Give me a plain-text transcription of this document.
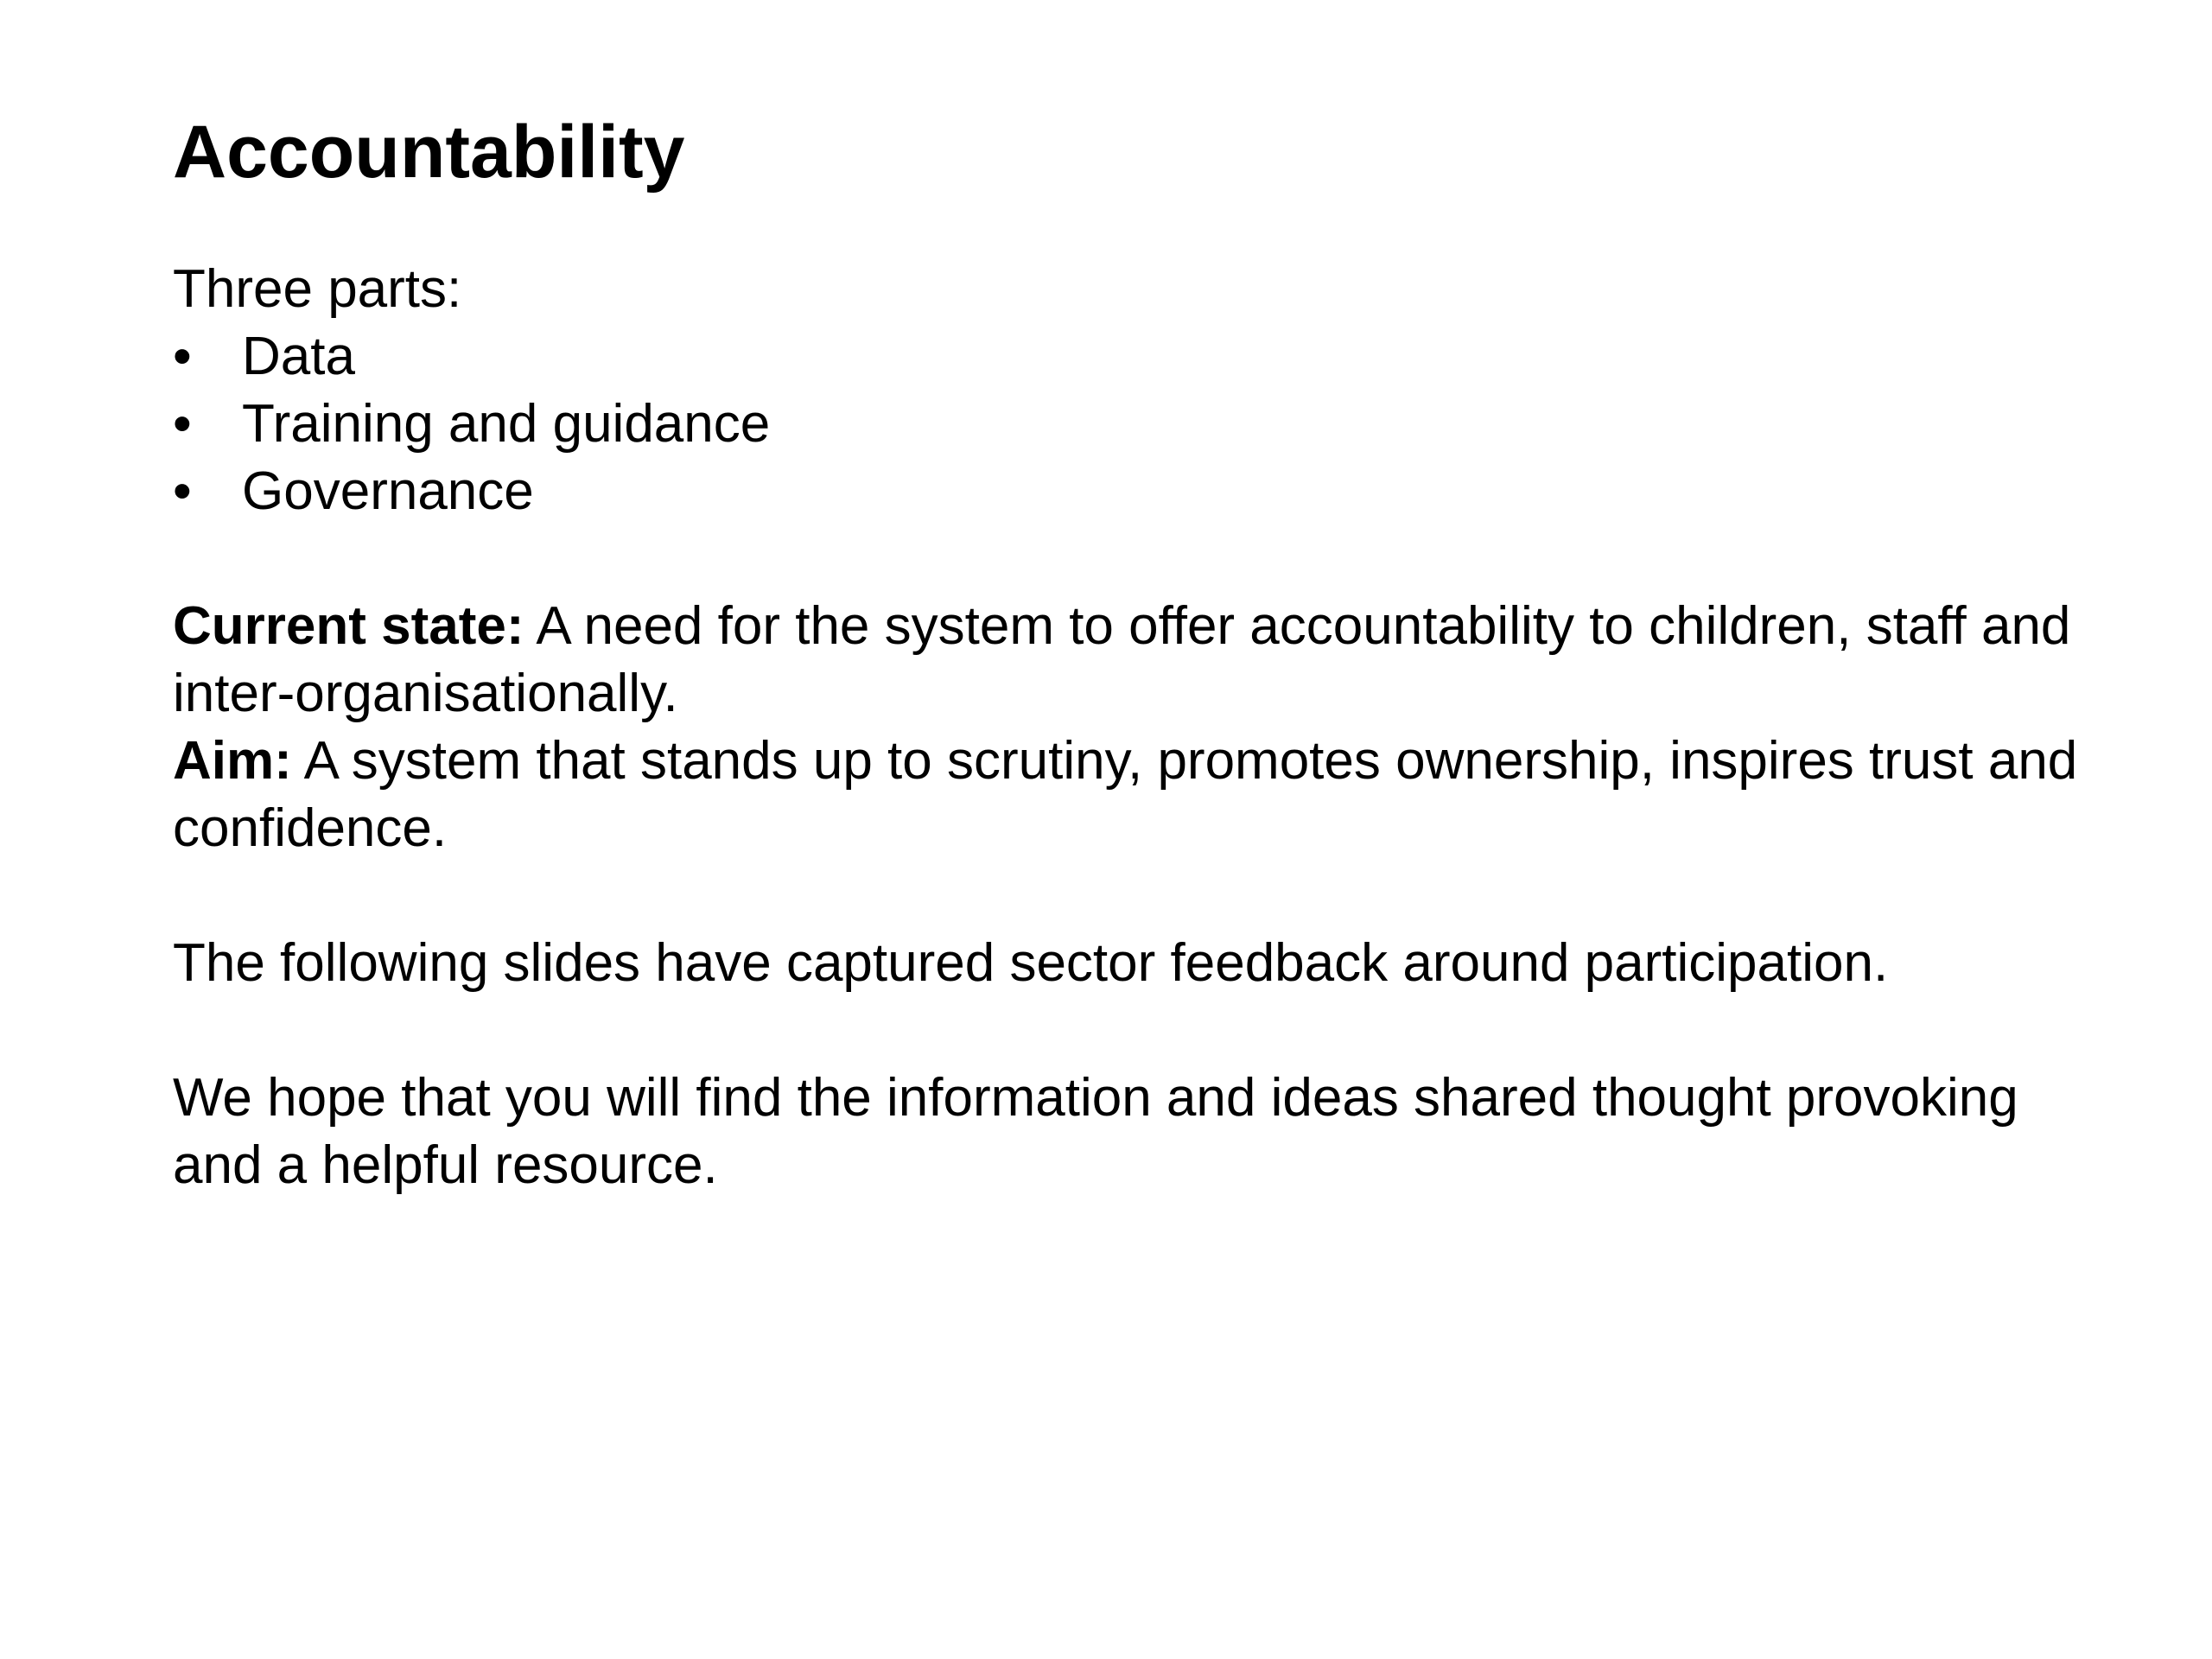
Accountability

Three parts:

• Data
• Training and guidance
• Governance

Current state: A need for the system to offer accountability to children, staff and inter-organisationally.

Aim: A system that stands up to scrutiny, promotes ownership, inspires trust and confidence.

The following slides have captured sector feedback around participation.

We hope that you will find the information and ideas shared thought provoking and a helpful resource.
